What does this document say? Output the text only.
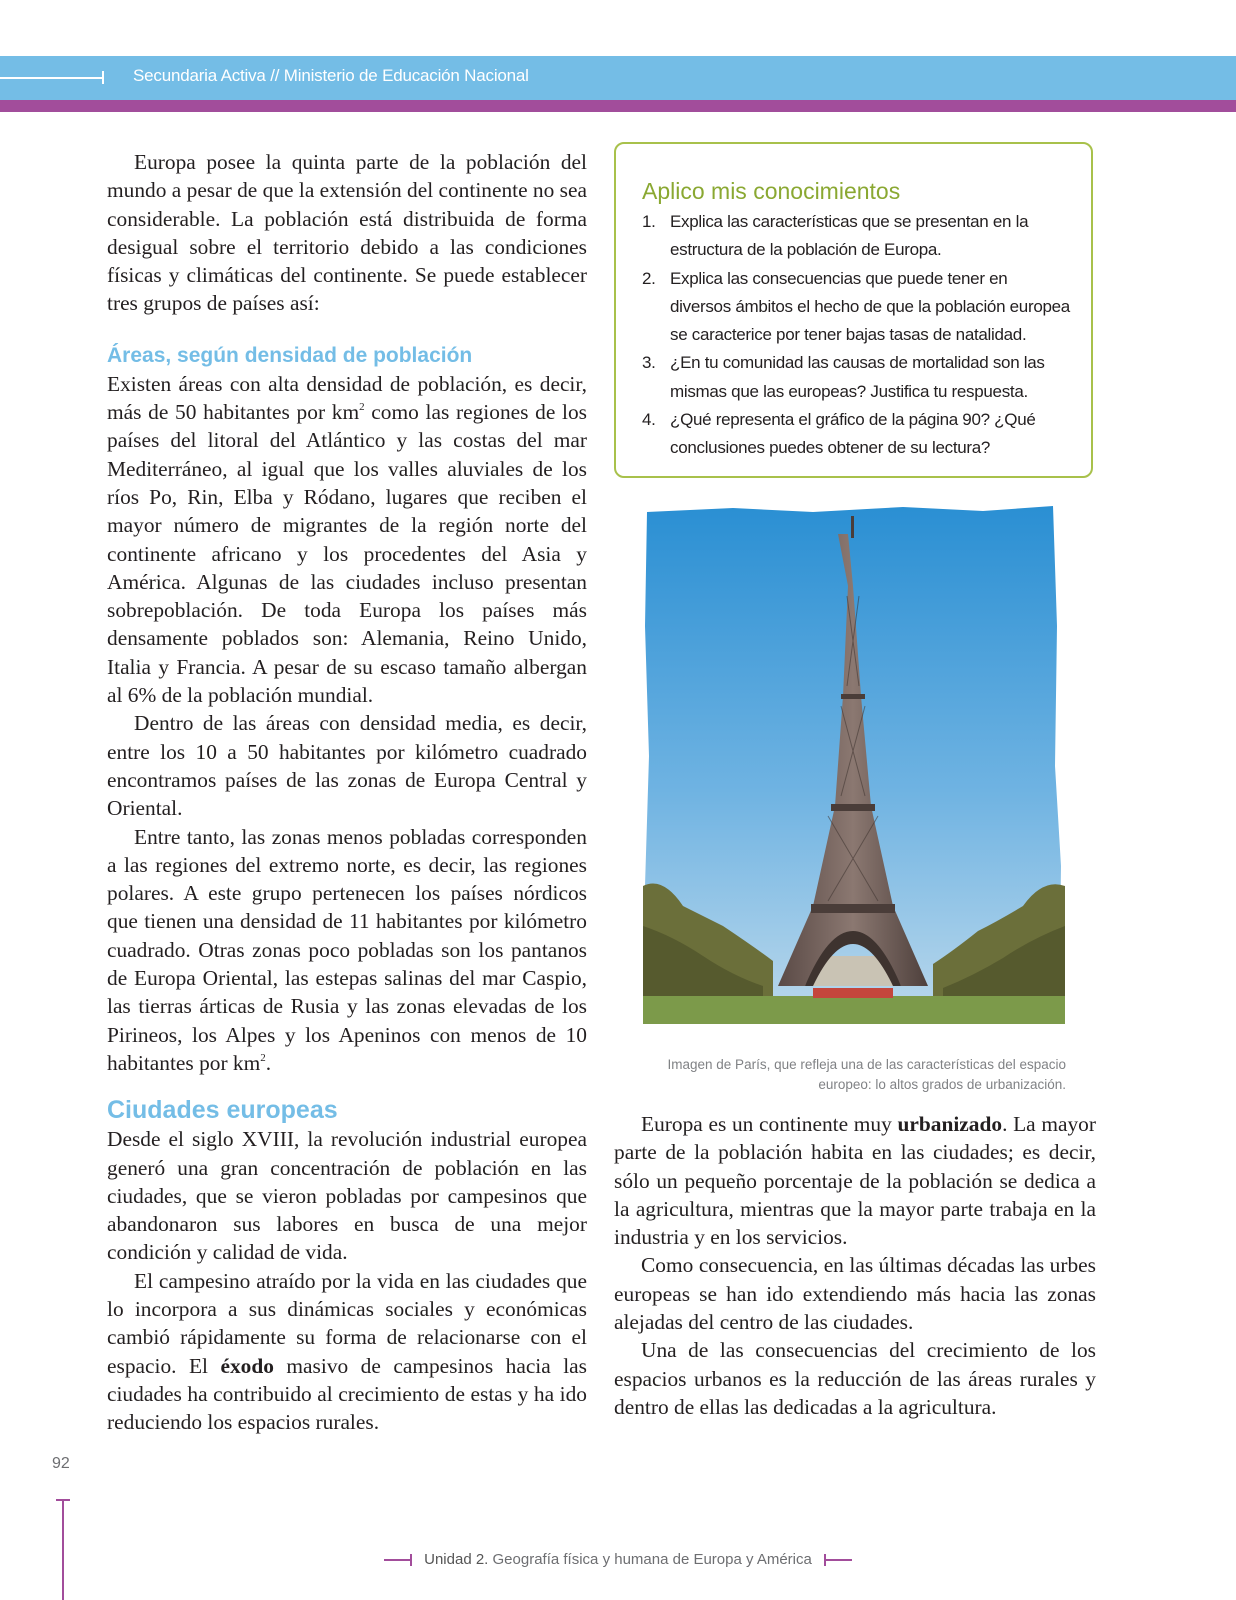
Secundaria Activa // Ministerio de Educación Nacional

Europa posee la quinta parte de la población del mundo a pesar de que la extensión del continente no sea considerable. La población está distribuida de forma desigual sobre el territorio debido a las condiciones físicas y climáticas del continente. Se puede establecer tres grupos de países así:

Áreas, según densidad de población

Existen áreas con alta densidad de población, es decir, más de 50 habitantes por $km^2$ como las regiones de los países del litoral del Atlántico y las costas del mar Mediterráneo, al igual que los valles aluviales de los ríos Po, Rin, Elba y Ródano, lugares que reciben el mayor número de migrantes de la región norte del continente africano y los procedentes del Asia y América. Algunas de las ciudades incluso presentan sobrepoblación. De toda Europa los países más densamente poblados son: Alemania, Reino Unido, Italia y Francia. A pesar de su escaso tamaño albergan al 6% de la población mundial.

Dentro de las áreas con densidad media, es decir, entre los 10 a 50 habitantes por kilómetro cuadrado encontramos países de las zonas de Europa Central y Oriental.

Entre tanto, las zonas menos pobladas corresponden a las regiones del extremo norte, es decir, las regiones polares. A este grupo pertenecen los países nórdicos que tienen una densidad de 11 habitantes por kilómetro cuadrado. Otras zonas poco pobladas son los pantanos de Europa Oriental, las estepas salinas del mar Caspio, las tierras árticas de Rusia y las zonas elevadas de los Pirineos, los Alpes y los Apeninos con menos de 10 habitantes por $km^2$.

Ciudades europeas

Desde el siglo XVIII, la revolución industrial europea generó una gran concentración de población en las ciudades, que se vieron pobladas por campesinos que abandonaron sus labores en busca de una mejor condición y calidad de vida.

El campesino atraído por la vida en las ciudades que lo incorpora a sus dinámicas sociales y económicas cambió rápidamente su forma de relacionarse con el espacio. El éxodo masivo de campesinos hacia las ciudades ha contribuido al crecimiento de estas y ha ido reduciendo los espacios rurales.

Aplico mis conocimientos
1. Explica las características que se presentan en la estructura de la población de Europa.
2. Explica las consecuencias que puede tener en diversos ámbitos el hecho de que la población europea se caracterice por tener bajas tasas de natalidad.
3. ¿En tu comunidad las causas de mortalidad son las mismas que las europeas? Justifica tu respuesta.
4. ¿Qué representa el gráfico de la página 90? ¿Qué conclusiones puedes obtener de su lectura?
Imagen de París, que refleja una de las características del espacio europeo: lo altos grados de urbanización.

Europa es un continente muy urbanizado. La mayor parte de la población habita en las ciudades; es decir, sólo un pequeño porcentaje de la población se dedica a la agricultura, mientras que la mayor parte trabaja en la industria y en los servicios.

Como consecuencia, en las últimas décadas las urbes europeas se han ido extendiendo más hacia las zonas alejadas del centro de las ciudades.

Una de las consecuencias del crecimiento de los espacios urbanos es la reducción de las áreas rurales y dentro de ellas las dedicadas a la agricultura.

92
Unidad 2. Geografía física y humana de Europa y América
